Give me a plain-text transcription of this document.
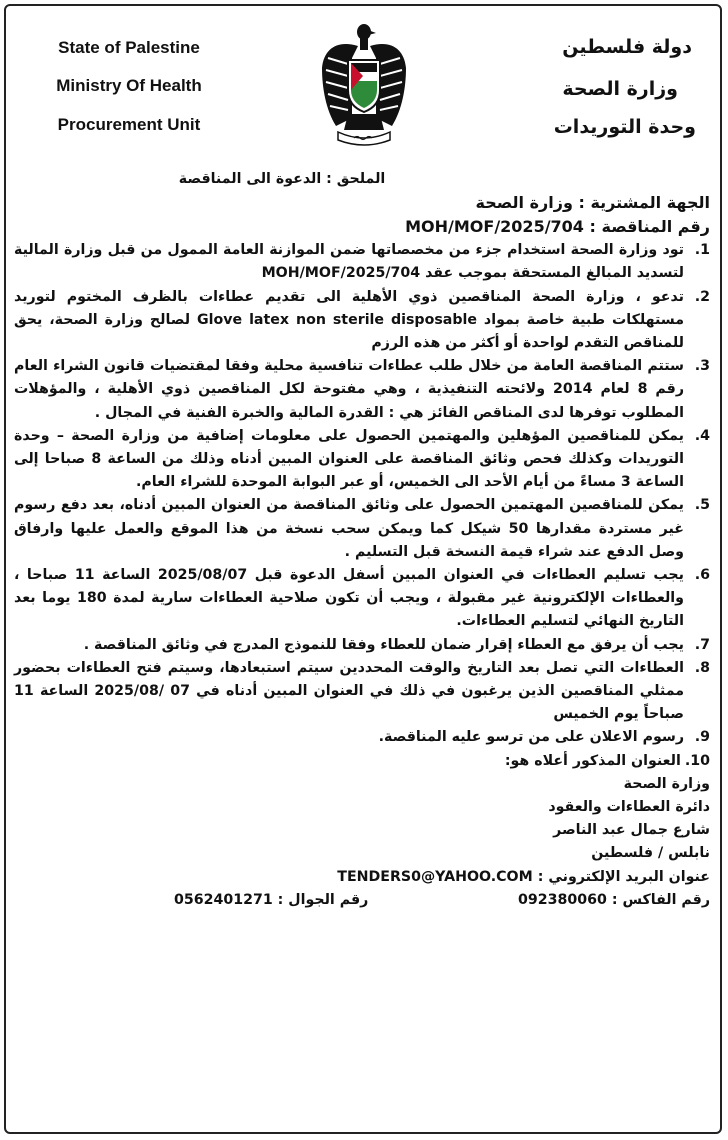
State of Palestine
Ministry Of Health
Procurement Unit
دولة فلسطين
وزارة الصحة
وحدة التوريدات

الملحق : الدعوة الى المناقصة

الجهة المشترية : وزارة الصحة

رقم المناقصة : MOH/MOF/2025/704

1.

تود وزارة الصحة استخدام جزء من مخصصاتها ضمن الموازنة العامة الممول من قبل وزارة المالية لتسديد المبالغ المستحقة بموجب عقد MOH/MOF/2025/704

2.

تدعو ، وزارة الصحة المناقصين ذوي الأهلية الى تقديم عطاءات بالظرف المختوم لتوريد مستهلكات طبية خاصة بمواد Glove latex non sterile disposable لصالح وزارة الصحة، يحق للمناقص التقدم لواحدة أو أكثر من هذه الرزم

3.

ستتم المناقصة العامة من خلال طلب عطاءات تنافسية محلية وفقا لمقتضيات قانون الشراء العام رقم 8 لعام 2014 ولائحته التنفيذية ، وهي مفتوحة لكل المناقصين ذوي الأهلية ، والمؤهلات المطلوب توفرها لدى المناقص الفائز هي : القدرة المالية والخبرة الفنية في المجال .

4.

يمكن للمناقصين المؤهلين والمهتمين الحصول على معلومات إضافية من وزارة الصحة – وحدة التوريدات وكذلك فحص وثائق المناقصة على العنوان المبين أدناه وذلك من الساعة 8 صباحا إلى الساعة 3 مساءً من أيام الأحد الى الخميس، أو عبر البوابة الموحدة للشراء العام.

5.

يمكن للمناقصين المهتمين الحصول على وثائق المناقصة من العنوان المبين أدناه، بعد دفع رسوم غير مستردة مقدارها 50 شيكل كما ويمكن سحب نسخة من هذا الموقع والعمل عليها وارفاق وصل الدفع عند شراء قيمة النسخة قبل التسليم .

6.

يجب تسليم العطاءات في العنوان المبين أسفل الدعوة قبل 2025/08/07 الساعة 11 صباحا ، والعطاءات الإلكترونية غير مقبولة ، ويجب أن تكون صلاحية العطاءات سارية لمدة 180 يوما بعد التاريخ النهائي لتسليم العطاءات.

7.

يجب أن يرفق مع العطاء إقرار ضمان للعطاء وفقا للنموذج المدرج في وثائق المناقصة .

8.

العطاءات التي تصل بعد التاريخ والوقت المحددين سيتم استبعادها، وسيتم فتح العطاءات بحضور ممثلي المناقصين الذين يرغبون في ذلك في العنوان المبين أدناه في 07 /2025/08 الساعة 11 صباحاً يوم الخميس

9.

رسوم الاعلان على من ترسو عليه المناقصة.

10.

العنوان المذكور أعلاه هو:

وزارة الصحة

دائرة العطاءات والعقود

شارع جمال عبد الناصر

نابلس / فلسطين

عنوان البريد الإلكتروني : TENDERS0@YAHOO.COM

رقم الفاكس : 092380060
رقم الجوال : 0562401271
